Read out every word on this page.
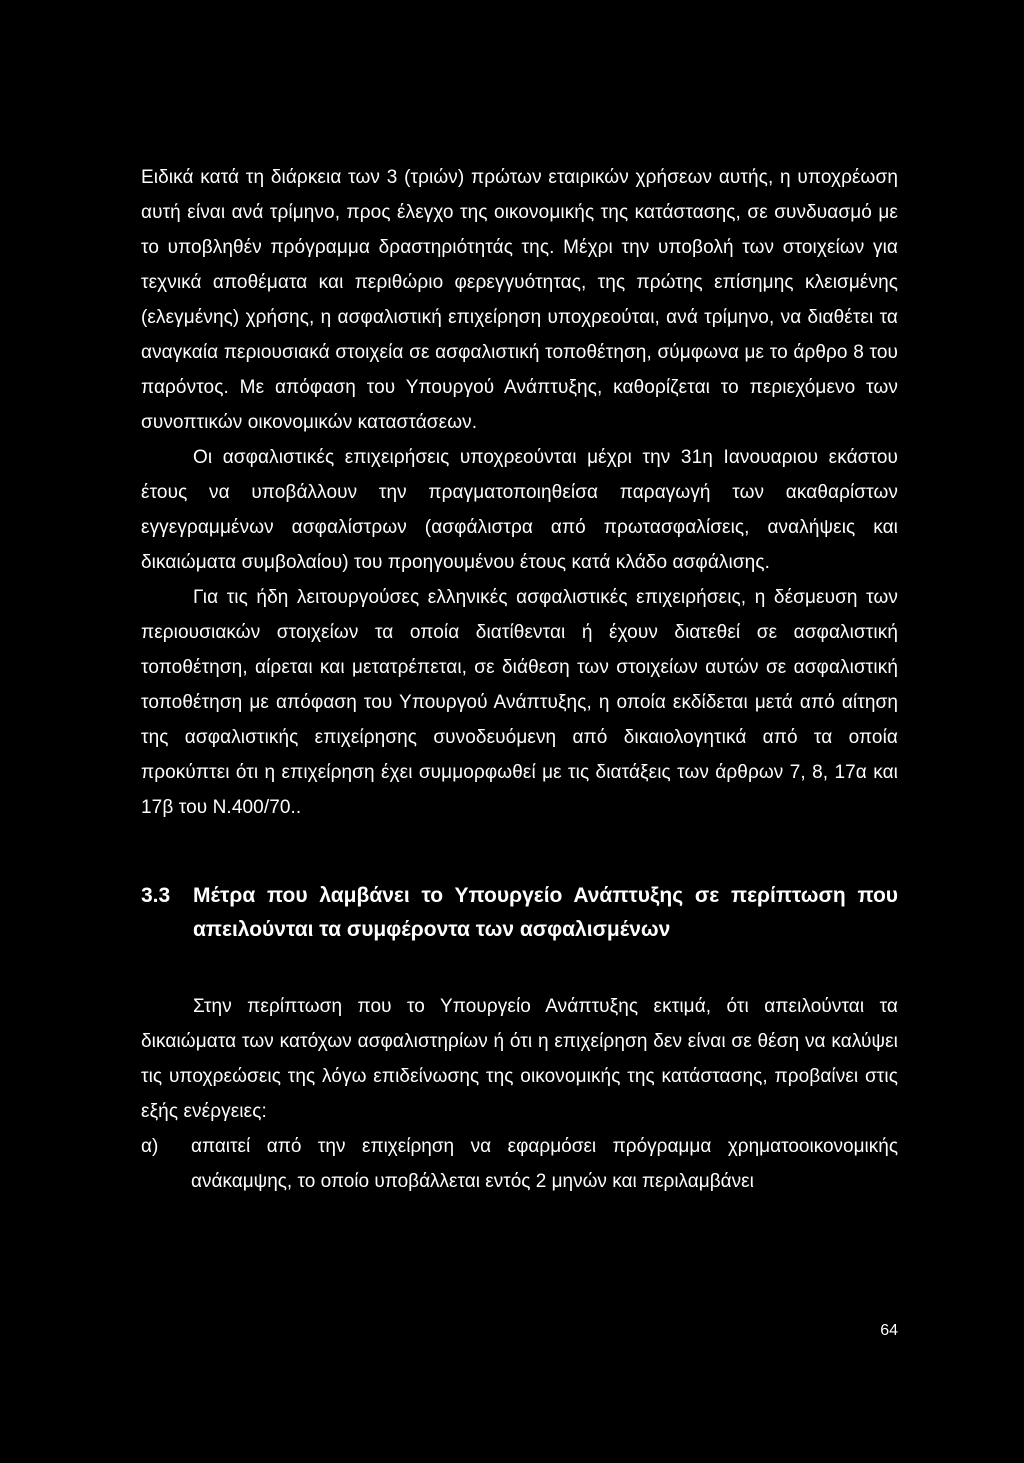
Ειδικά κατά τη διάρκεια των 3 (τριών) πρώτων εταιρικών χρήσεων αυτής, η υποχρέωση αυτή είναι ανά τρίμηνο, προς έλεγχο της οικονομικής της κατάστασης, σε συνδυασμό με το υποβληθέν πρόγραμμα δραστηριότητάς της. Μέχρι την υποβολή των στοιχείων για τεχνικά αποθέματα και περιθώριο φερεγγυότητας, της πρώτης επίσημης κλεισμένης (ελεγμένης) χρήσης, η ασφαλιστική επιχείρηση υποχρεούται, ανά τρίμηνο, να διαθέτει τα αναγκαία περιουσιακά στοιχεία σε ασφαλιστική τοποθέτηση, σύμφωνα με το άρθρο 8 του παρόντος. Με απόφαση του Υπουργού Ανάπτυξης, καθορίζεται το περιεχόμενο των συνοπτικών οικονομικών καταστάσεων.

Οι ασφαλιστικές επιχειρήσεις υποχρεούνται μέχρι την 31η Ιανουαριου εκάστου έτους να υποβάλλουν την πραγματοποιηθείσα παραγωγή των ακαθαρίστων εγγεγραμμένων ασφαλίστρων (ασφάλιστρα από πρωτασφαλίσεις, αναλήψεις και δικαιώματα συμβολαίου) του προηγουμένου έτους κατά κλάδο ασφάλισης.

Για τις ήδη λειτουργούσες ελληνικές ασφαλιστικές επιχειρήσεις, η δέσμευση των περιουσιακών στοιχείων τα οποία διατίθενται ή έχουν διατεθεί σε ασφαλιστική τοποθέτηση, αίρεται και μετατρέπεται, σε διάθεση των στοιχείων αυτών σε ασφαλιστική τοποθέτηση με απόφαση του Υπουργού Ανάπτυξης, η οποία εκδίδεται μετά από αίτηση της ασφαλιστικής επιχείρησης συνοδευόμενη από δικαιολογητικά από τα οποία προκύπτει ότι η επιχείρηση έχει συμμορφωθεί με τις διατάξεις των άρθρων 7, 8, 17α και 17β του Ν.400/70..

3.3	Μέτρα που λαμβάνει το Υπουργείο Ανάπτυξης σε περίπτωση που απειλούνται τα συμφέροντα των ασφαλισμένων

Στην περίπτωση που το Υπουργείο Ανάπτυξης εκτιμά, ότι απειλούνται τα δικαιώματα των κατόχων ασφαλιστηρίων ή ότι η επιχείρηση δεν είναι σε θέση να καλύψει τις υποχρεώσεις της λόγω επιδείνωσης της οικονομικής της κατάστασης, προβαίνει στις εξής ενέργειες:

α)	απαιτεί από την επιχείρηση να εφαρμόσει πρόγραμμα χρηματοοικονομικής ανάκαμψης, το οποίο υποβάλλεται εντός 2 μηνών και περιλαμβάνει
64
